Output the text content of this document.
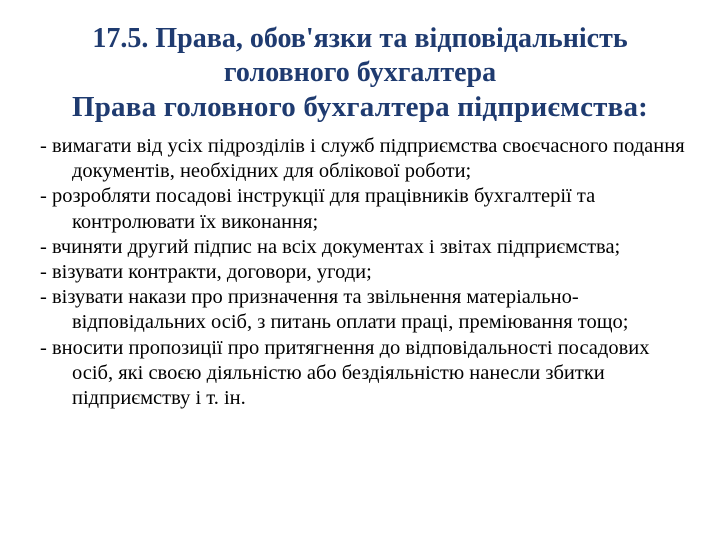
17.5. Права, обов'язки та відповідальність
головного бухгалтера
Права головного бухгалтера підприємства:

- вимагати від усіх підрозділів і служб підприємства своєчасного подання документів, необхідних для облікової роботи;

- розробляти посадові інструкції для працівників бухгалтерії та контролювати їх виконання;

- вчиняти другий підпис на всіх документах і звітах підприємства;

- візувати контракти, договори, угоди;

- візувати накази про призначення та звільнення матеріально-відповідальних осіб, з питань оплати праці, преміювання тощо;

- вносити пропозиції про притягнення до відповідальності посадових осіб, які своєю діяльністю або бездіяльністю нанесли збитки підприємству і т. ін.
